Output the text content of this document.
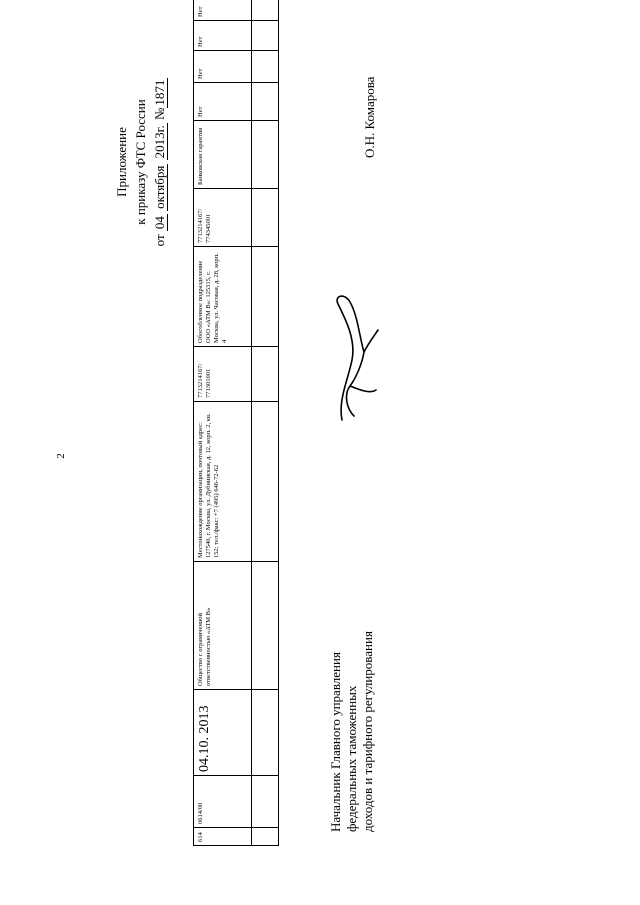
2
Приложение к приказу ФТС России
от 04 октября 2013г. №1871
614	0614/00	04.10. 2013	Общество с ограниченной ответственностью «АТМ В»	Местонахождение организации, почтовый адрес: 127540, г. Москва, ул. Дубнинская, д. 12, корп. 2, кв. 152; тел./факс: +7 (495) 646-72-62	7713214167/ 771301001	Обособленное подразделение ООО «АТМ В»: 125315, г. Москва, ул. Часовая, д. 28, корп. 4	7713214167/ 774345001	Банковская гарантия	Нет	Нет	Нет	Нет

О.Н. Комарова
Начальник Главного управления федеральных таможенных доходов и тарифного регулирования
